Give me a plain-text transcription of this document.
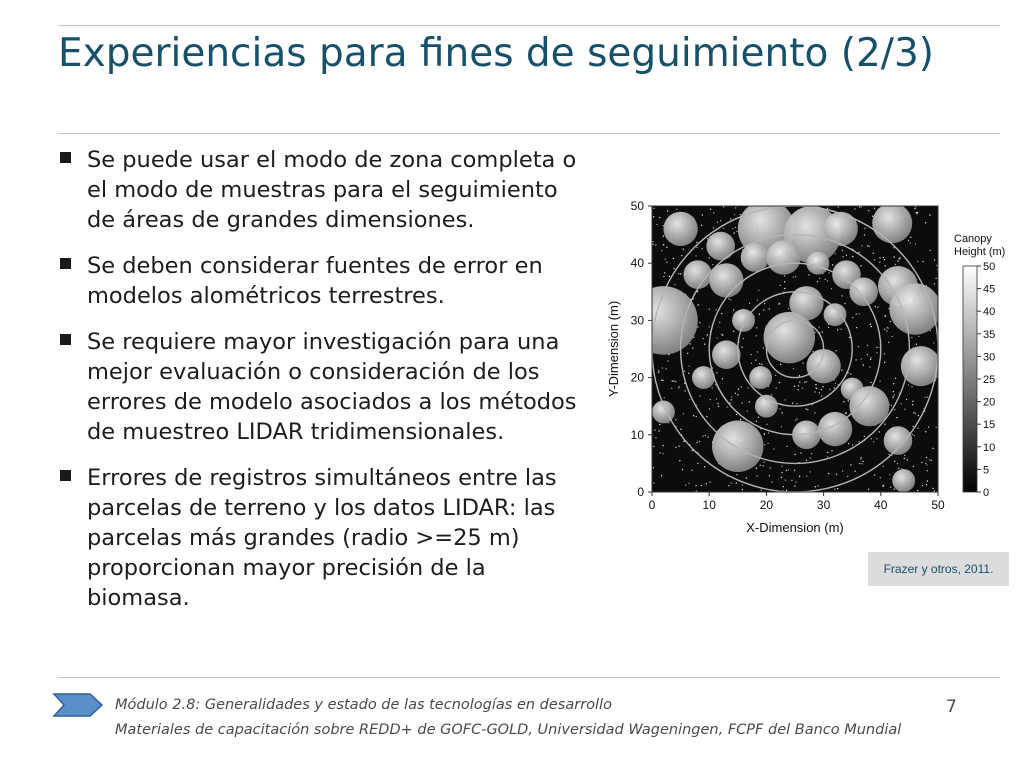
Experiencias para fines de seguimiento (2/3)
Se puede usar el modo de zona completa o el modo de muestras para el seguimiento de áreas de grandes dimensiones.
Se deben considerar fuentes de error en modelos alométricos terrestres.
Se requiere mayor investigación para una mejor evaluación o consideración de los errores de modelo asociados a los métodos de muestreo LIDAR tridimensionales.
Errores de registros simultáneos entre las parcelas de terreno y los datos LIDAR: las parcelas más grandes (radio >=25 m) proporcionan mayor precisión de la biomasa.
0	10	20	30	40	50
0
10
20
30
40
50
X-Dimension (m)
Y-Dimension (m)
Canopy
Height (m)
50
45
40
35
30
25
20
15
10
5
0
Frazer y otros, 2011.
Módulo 2.8: Generalidades y estado de las tecnologías en desarrollo
Materiales de capacitación sobre REDD+ de GOFC-GOLD, Universidad Wageningen, FCPF del Banco Mundial
7
